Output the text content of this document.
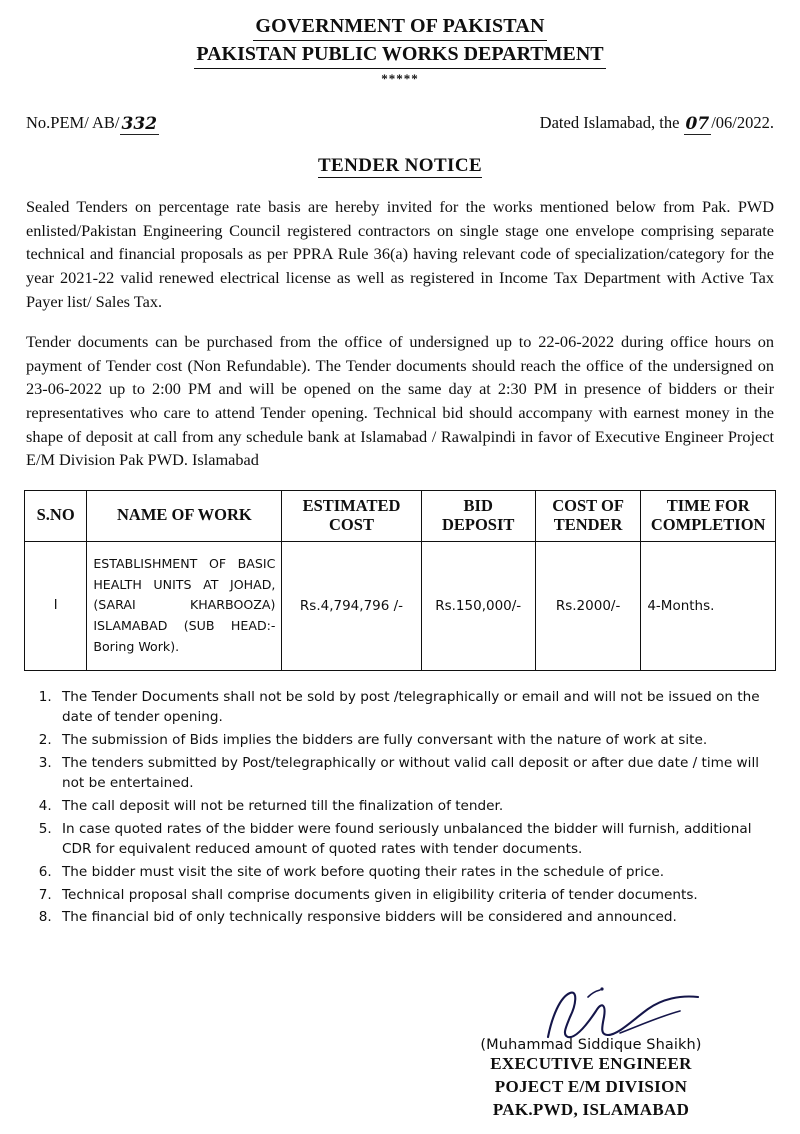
GOVERNMENT OF PAKISTAN
PAKISTAN PUBLIC WORKS DEPARTMENT
*****
No.PEM/ AB/ 332	Dated Islamabad, the 07 /06/2022.
TENDER NOTICE
Sealed Tenders on percentage rate basis are hereby invited for the works mentioned below from Pak. PWD enlisted/Pakistan Engineering Council registered contractors on single stage one envelope comprising separate technical and financial proposals as per PPRA Rule 36(a) having relevant code of specialization/category for the year 2021-22 valid renewed electrical license as well as registered in Income Tax Department with Active Tax Payer list/ Sales Tax.
Tender documents can be purchased from the office of undersigned up to 22-06-2022 during office hours on payment of Tender cost (Non Refundable). The Tender documents should reach the office of the undersigned on 23-06-2022 up to 2:00 PM and will be opened on the same day at 2:30 PM in presence of bidders or their representatives who care to attend Tender opening. Technical bid should accompany with earnest money in the shape of deposit at call from any schedule bank at Islamabad / Rawalpindi in favor of Executive Engineer Project E/M Division Pak PWD. Islamabad
S.NO	NAME OF WORK	ESTIMATED COST	BID DEPOSIT	COST OF TENDER	TIME FOR COMPLETION
I	ESTABLISHMENT OF BASIC HEALTH UNITS AT JOHAD, (SARAI KHARBOOZA) ISLAMABAD (SUB HEAD:- Boring Work).	Rs.4,794,796 /-	Rs.150,000/-	Rs.2000/-	4-Months.
1. The Tender Documents shall not be sold by post /telegraphically or email and will not be issued on the date of tender opening.
2. The submission of Bids implies the bidders are fully conversant with the nature of work at site.
3. The tenders submitted by Post/telegraphically or without valid call deposit or after due date / time will not be entertained.
4. The call deposit will not be returned till the finalization of tender.
5. In case quoted rates of the bidder were found seriously unbalanced the bidder will furnish, additional CDR for equivalent reduced amount of quoted rates with tender documents.
6. The bidder must visit the site of work before quoting their rates in the schedule of price.
7. Technical proposal shall comprise documents given in eligibility criteria of tender documents.
8. The financial bid of only technically responsive bidders will be considered and announced.
(Muhammad Siddique Shaikh)
EXECUTIVE ENGINEER
POJECT E/M DIVISION
PAK.PWD, ISLAMABAD
